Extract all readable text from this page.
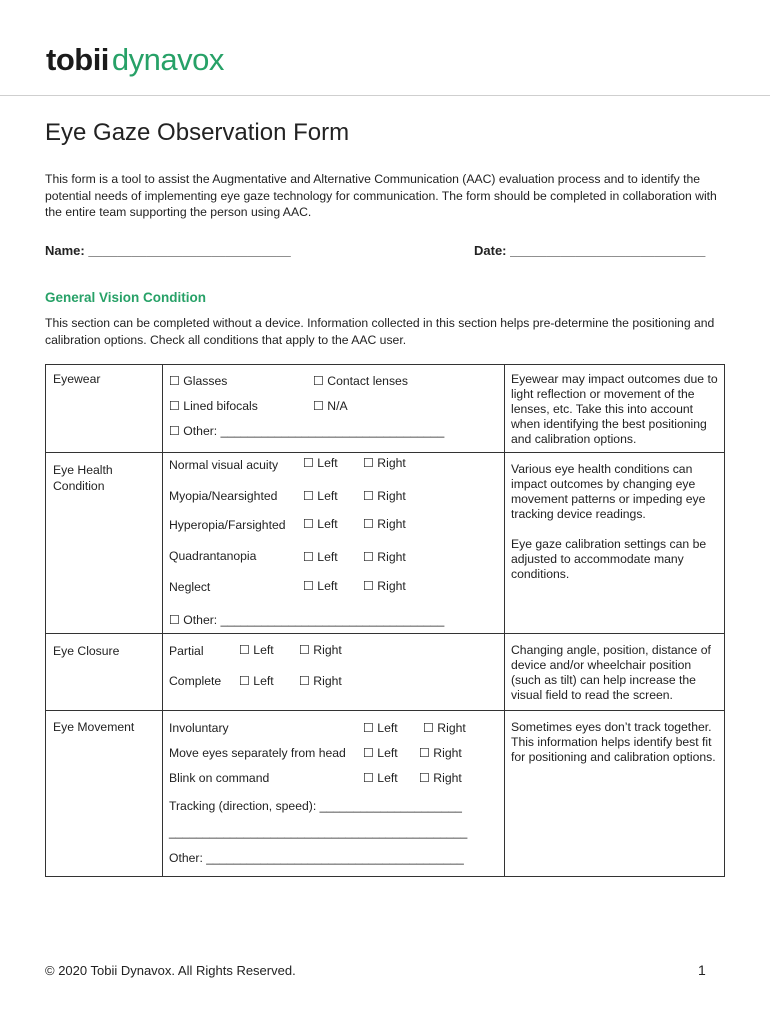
tobiidynavox
Eye Gaze Observation Form
This form is a tool to assist the Augmentative and Alternative Communication (AAC) evaluation process and to identify the potential needs of implementing eye gaze technology for communication. The form should be completed in collaboration with the entire team supporting the person using AAC.
Name: ____________________________	Date: ___________________________
General Vision Condition
This section can be completed without a device. Information collected in this section helps pre-determine the positioning and calibration options. Check all conditions that apply to the AAC user.
Eyewear	☐ Glasses	☐ Contact lenses
☐ Lined bifocals	☐ N/A
☐ Other: _________________________________
Eyewear may impact outcomes due to light reflection or movement of the lenses, etc. Take this into account when identifying the best positioning and calibration options.
Eye Health Condition
Normal visual acuity ☐ Left ☐ Right
Myopia/Nearsighted ☐ Left ☐ Right
Hyperopia/Farsighted ☐ Left ☐ Right
Quadrantanopia	☐ Left ☐ Right
Neglect	☐ Left ☐ Right
☐ Other: _________________________________
Various eye health conditions can impact outcomes by changing eye movement patterns or impeding eye tracking device readings.
Eye gaze calibration settings can be adjusted to accommodate many conditions.
Eye Closure	Partial	☐ Left ☐ Right
Complete ☐ Left ☐ Right
Changing angle, position, distance of device and/or wheelchair position (such as tilt) can help increase the visual field to read the screen.
Eye Movement	Involuntary	☐ Left ☐ Right
Move eyes separately from head ☐ Left ☐ Right
Blink on command	☐ Left ☐ Right
Tracking (direction, speed): _____________________
____________________________________________
Other: ______________________________________
Sometimes eyes don’t track together. This information helps identify best fit for positioning and calibration options.
© 2020 Tobii Dynavox. All Rights Reserved.	1
